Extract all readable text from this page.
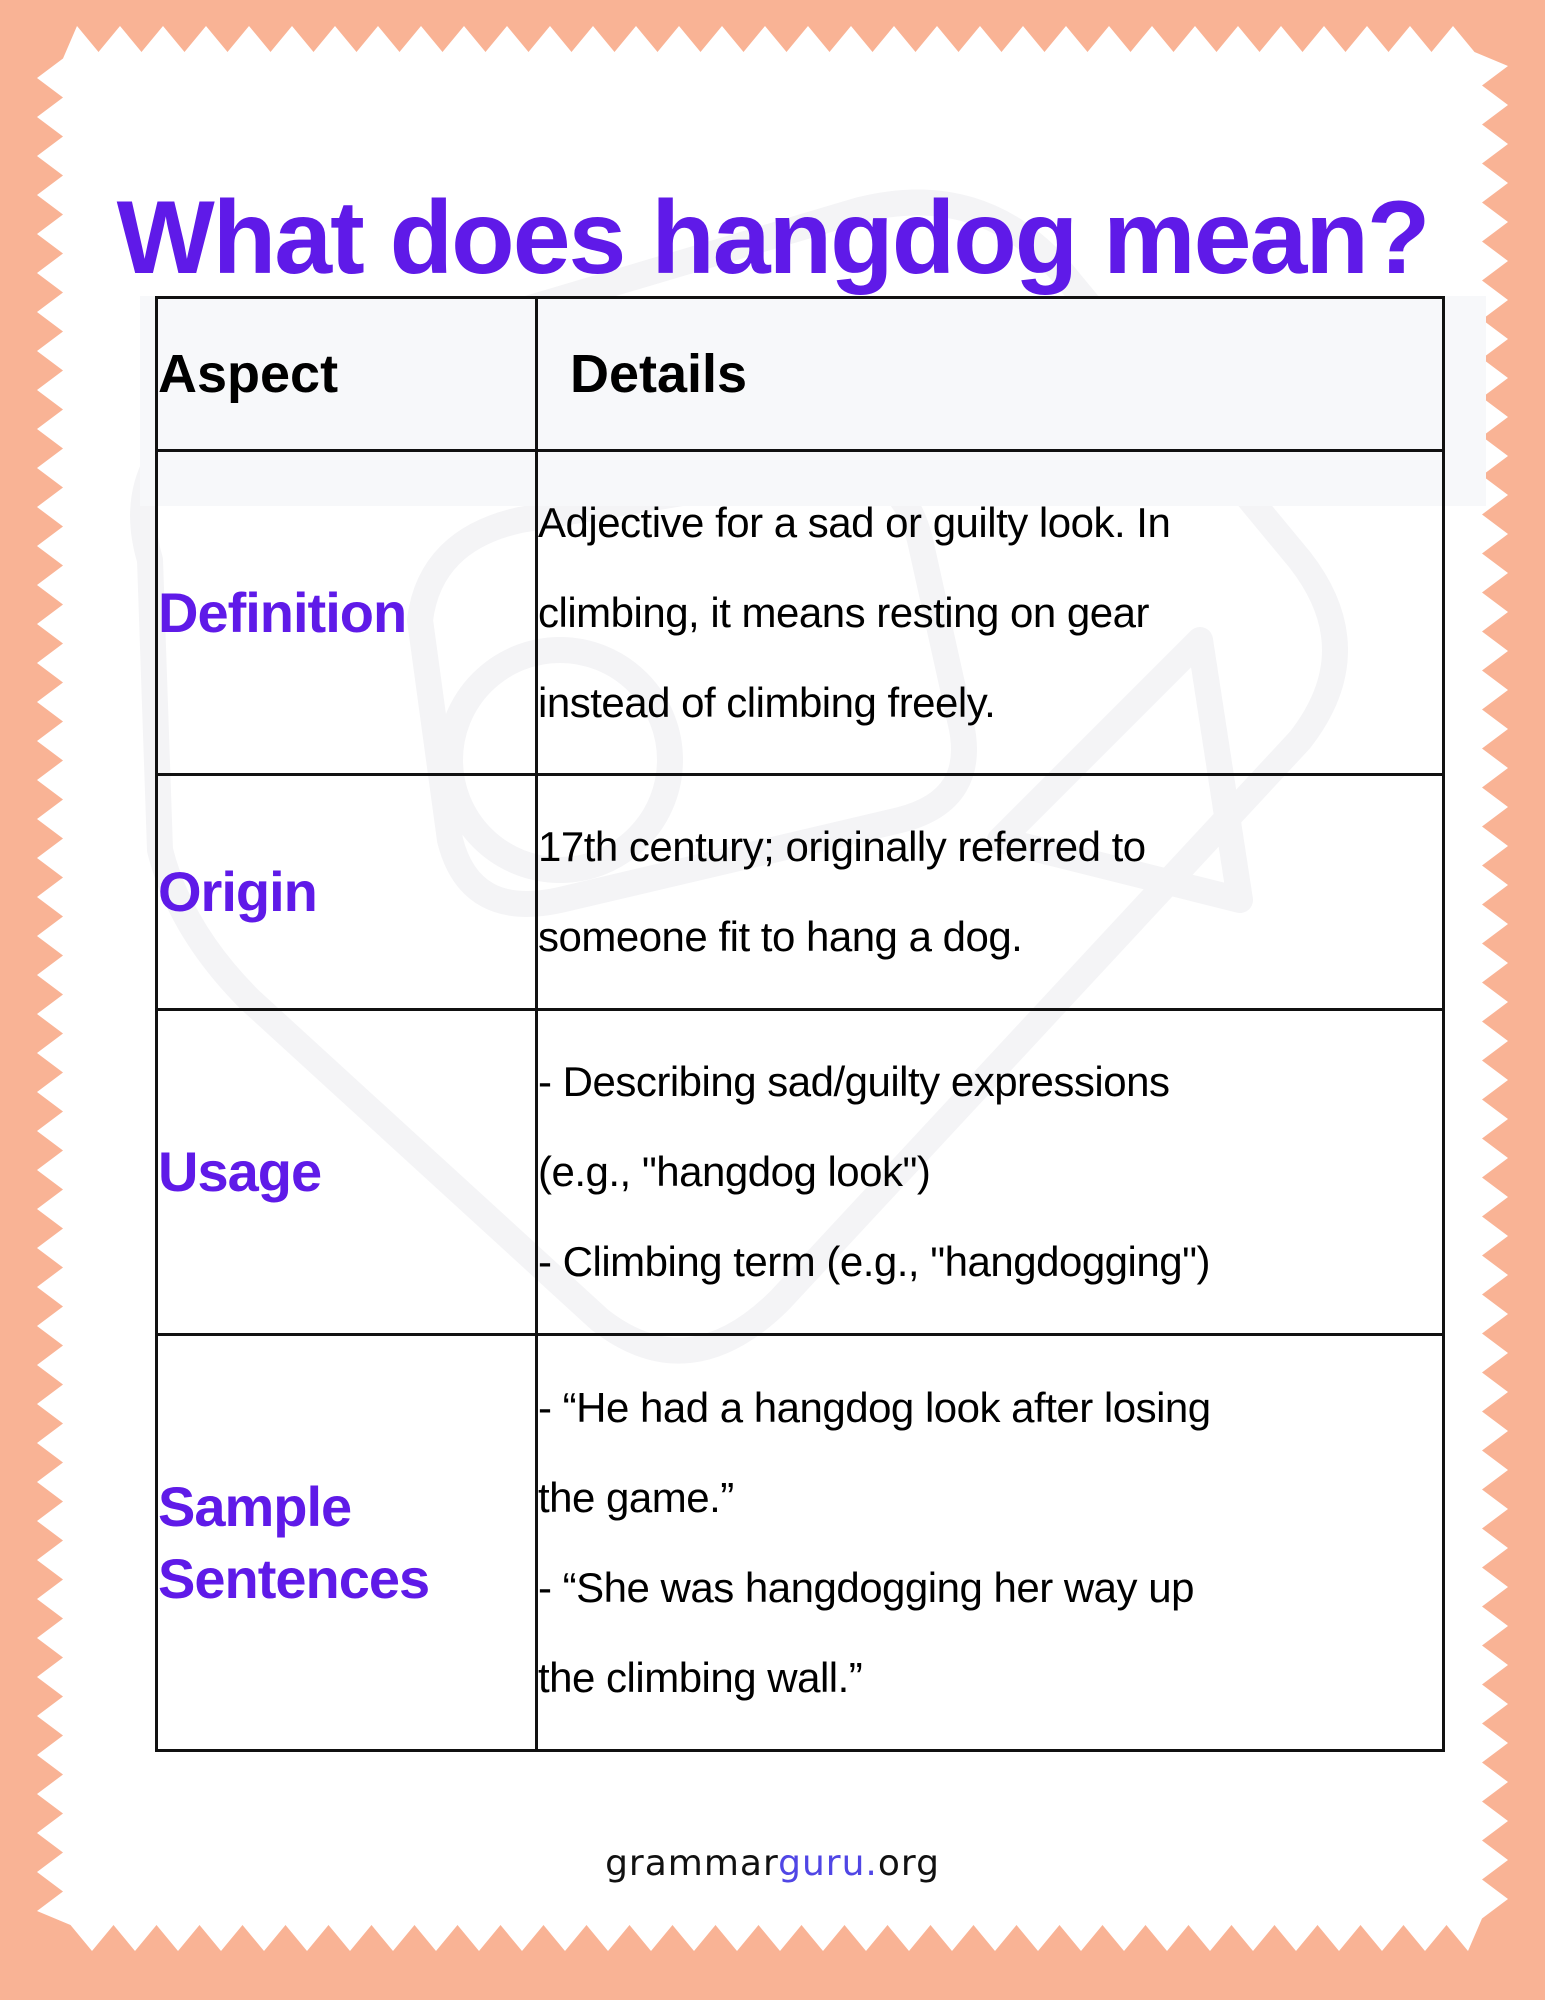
What does hangdog mean?
Aspect	Details
Definition	Adjective for a sad or guilty look. In
climbing, it means resting on gear
instead of climbing freely.

Origin	17th century; originally referred to
someone fit to hang a dog.

Usage	- Describing sad/guilty expressions
(e.g., "hangdog look")
- Climbing term (e.g., "hangdogging")

Sample
Sentences	- “He had a hangdog look after losing
the game.”
- “She was hangdogging her way up
the climbing wall.”
grammarguru.org
